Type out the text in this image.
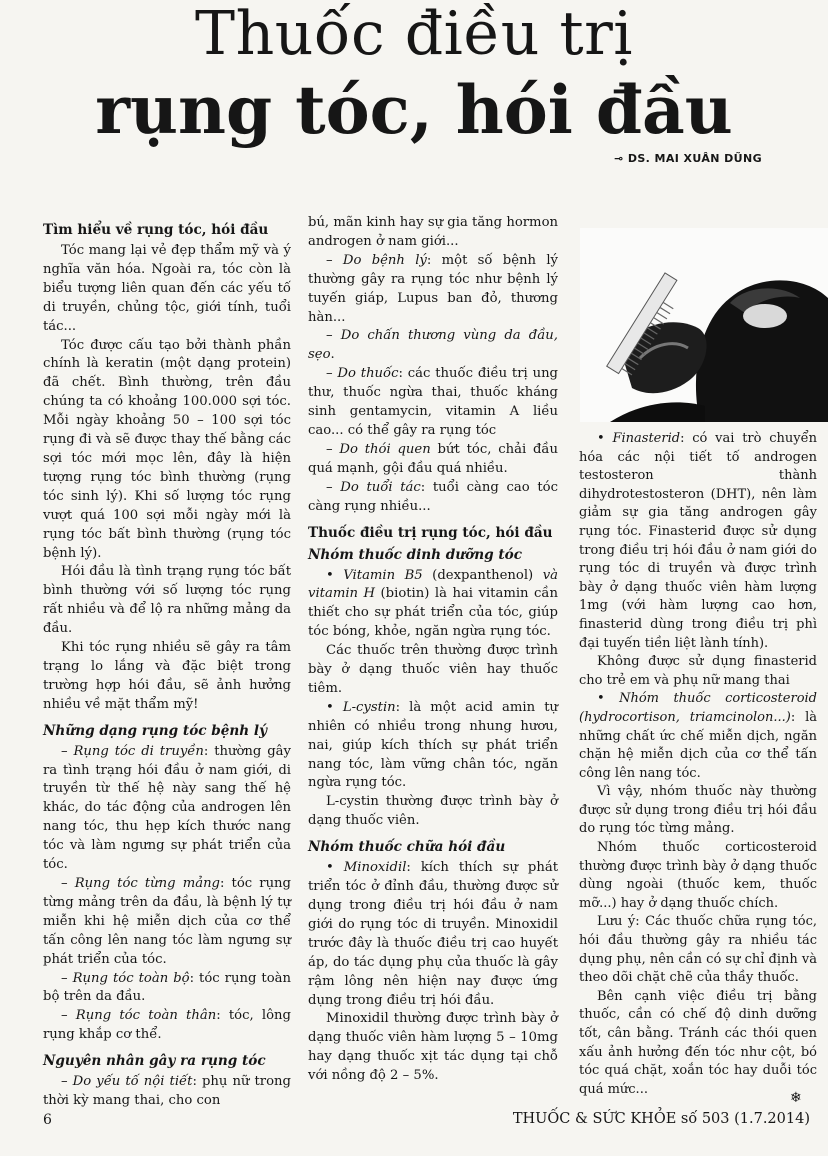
Thuốc điều trị
rụng tóc, hói đầu
⊸ DS. MAI XUÂN DŨNG
Tìm hiểu về rụng tóc, hói đầu

Tóc mang lại vẻ đẹp thẩm mỹ và ý nghĩa văn hóa. Ngoài ra, tóc còn là biểu tượng liên quan đến các yếu tố di truyền, chủng tộc, giới tính, tuổi tác...

Tóc được cấu tạo bởi thành phần chính là keratin (một dạng protein) đã chết. Bình thường, trên đầu chúng ta có khoảng 100.000 sợi tóc. Mỗi ngày khoảng 50 – 100 sợi tóc rụng đi và sẽ được thay thế bằng các sợi tóc mới mọc lên, đây là hiện tượng rụng tóc bình thường (rụng tóc sinh lý). Khi số lượng tóc rụng vượt quá 100 sợi mỗi ngày mới là rụng tóc bất bình thường (rụng tóc bệnh lý).

Hói đầu là tình trạng rụng tóc bất bình thường với số lượng tóc rụng rất nhiều và để lộ ra những mảng da đầu.

Khi tóc rụng nhiều sẽ gây ra tâm trạng lo lắng và đặc biệt trong trường hợp hói đầu, sẽ ảnh hưởng nhiều về mặt thẩm mỹ!

Những dạng rụng tóc bệnh lý

– Rụng tóc di truyền: thường gây ra tình trạng hói đầu ở nam giới, di truyền từ thế hệ này sang thế hệ khác, do tác động của androgen lên nang tóc, thu hẹp kích thước nang tóc và làm ngưng sự phát triển của tóc.

– Rụng tóc từng mảng: tóc rụng từng mảng trên da đầu, là bệnh lý tự miễn khi hệ miễn dịch của cơ thể tấn công lên nang tóc làm ngưng sự phát triển của tóc.

– Rụng tóc toàn bộ: tóc rụng toàn bộ trên da đầu.

– Rụng tóc toàn thân: tóc, lông rụng khắp cơ thể.

Nguyên nhân gây ra rụng tóc

– Do yếu tố nội tiết: phụ nữ trong thời kỳ mang thai, cho con

bú, mãn kinh hay sự gia tăng hormon androgen ở nam giới...

– Do bệnh lý: một số bệnh lý thường gây ra rụng tóc như bệnh lý tuyến giáp, Lupus ban đỏ, thương hàn...

– Do chấn thương vùng da đầu, sẹo.

– Do thuốc: các thuốc điều trị ung thư, thuốc ngừa thai, thuốc kháng sinh gentamycin, vitamin A liều cao... có thể gây ra rụng tóc

– Do thói quen bứt tóc, chải đầu quá mạnh, gội đầu quá nhiều.

– Do tuổi tác: tuổi càng cao tóc càng rụng nhiều...

Thuốc điều trị rụng tóc, hói đầu
Nhóm thuốc dinh dưỡng tóc

• Vitamin B5 (dexpanthenol) và vitamin H (biotin) là hai vitamin cần thiết cho sự phát triển của tóc, giúp tóc bóng, khỏe, ngăn ngừa rụng tóc.

Các thuốc trên thường được trình bày ở dạng thuốc viên hay thuốc tiêm.

• L-cystin: là một acid amin tự nhiên có nhiều trong nhung hươu, nai, giúp kích thích sự phát triển nang tóc, làm vững chân tóc, ngăn ngừa rụng tóc.

L-cystin thường được trình bày ở dạng thuốc viên.

Nhóm thuốc chữa hói đầu

• Minoxidil: kích thích sự phát triển tóc ở đỉnh đầu, thường được sử dụng trong điều trị hói đầu ở nam giới do rụng tóc di truyền. Minoxidil trước đây là thuốc điều trị cao huyết áp, do tác dụng phụ của thuốc là gây rậm lông nên hiện nay được ứng dụng trong điều trị hói đầu.

Minoxidil thường được trình bày ở dạng thuốc viên hàm lượng 5 – 10mg hay dạng thuốc xịt tác dụng tại chỗ với nồng độ 2 – 5%.

• Finasterid: có vai trò chuyển hóa các nội tiết tố androgen testosteron thành dihydrotestosteron (DHT), nên làm giảm sự gia tăng androgen gây rụng tóc. Finasterid được sử dụng trong điều trị hói đầu ở nam giới do rụng tóc di truyền và được trình bày ở dạng thuốc viên hàm lượng 1mg (với hàm lượng cao hơn, finasterid dùng trong điều trị phì đại tuyến tiền liệt lành tính).

Không được sử dụng finasterid cho trẻ em và phụ nữ mang thai

• Nhóm thuốc corticosteroid (hydrocortison, triamcinolon...): là những chất ức chế miễn dịch, ngăn chặn hệ miễn dịch của cơ thể tấn công lên nang tóc.

Vì vậy, nhóm thuốc này thường được sử dụng trong điều trị hói đầu do rụng tóc từng mảng.

Nhóm thuốc corticosteroid thường được trình bày ở dạng thuốc dùng ngoài (thuốc kem, thuốc mỡ...) hay ở dạng thuốc chích.

Lưu ý: Các thuốc chữa rụng tóc, hói đầu thường gây ra nhiều tác dụng phụ, nên cần có sự chỉ định và theo dõi chặt chẽ của thầy thuốc.

Bên cạnh việc điều trị bằng thuốc, cần có chế độ dinh dưỡng tốt, cân bằng. Tránh các thói quen xấu ảnh hưởng đến tóc như cột, bó tóc quá chặt, xoắn tóc hay duỗi tóc quá mức...

❄
6	THUỐC & SỨC KHỎE số 503 (1.7.2014)
